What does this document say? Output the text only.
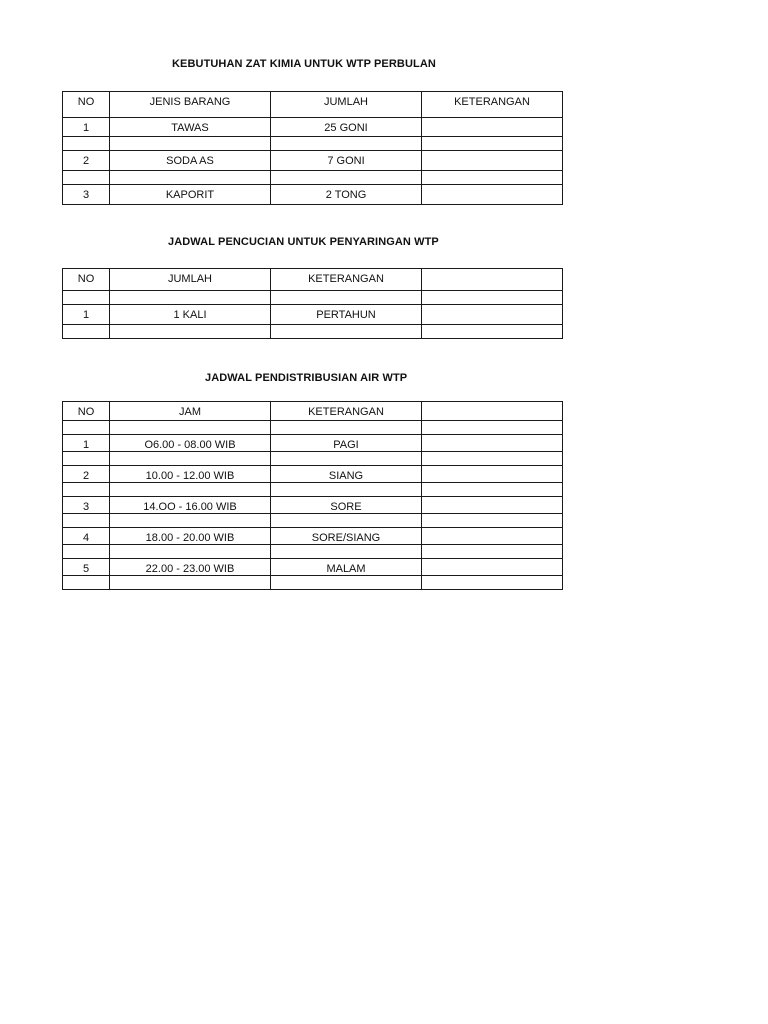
KEBUTUHAN ZAT KIMIA UNTUK WTP PERBULAN
NO	JENIS BARANG	JUMLAH	KETERANGAN
1	TAWAS	25 GONI	

2	SODA AS	7 GONI	

3	KAPORIT	2 TONG	
JADWAL PENCUCIAN UNTUK PENYARINGAN WTP
NO	JUMLAH	KETERANGAN	

1	1 KALI	PERTAHUN	

JADWAL PENDISTRIBUSIAN AIR WTP
NO	JAM	KETERANGAN	

1	O6.00 - 08.00 WIB	PAGI	

2	10.00 - 12.00 WIB	SIANG	

3	14.OO - 16.00 WIB	SORE	

4	18.00 - 20.00 WIB	SORE/SIANG	

5	22.00 - 23.00 WIB	MALAM	
